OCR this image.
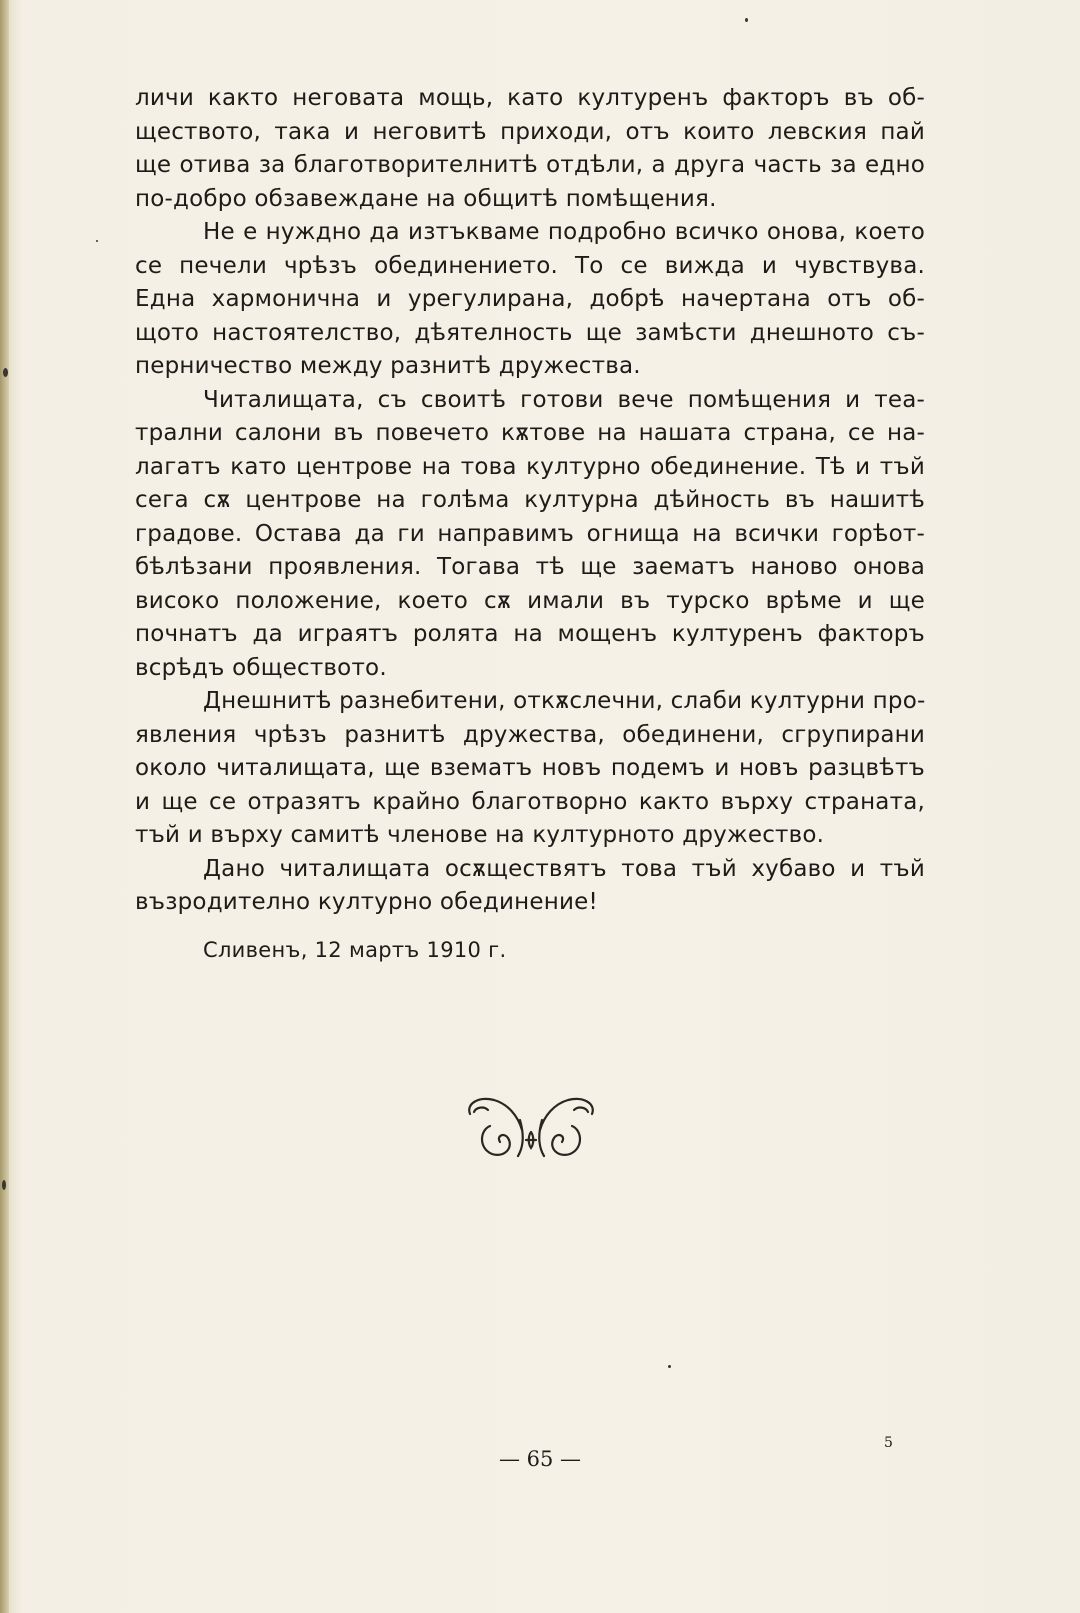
личи както неговата мощь, като културенъ факторъ въ об-
ществото, така и неговитѣ приходи, отъ които левския пай
ще отива за благотворителнитѣ отдѣли, а друга часть за едно
по-добро обзавеждане на общитѣ помѣщения.
Не е нуждно да изтъкваме подробно всичко онова, което
се печели чрѣзъ обединението. То се вижда и чувствува.
Една хармонична и урегулирана, добрѣ начертана отъ об-
щото настоятелство, дѣятелность ще замѣсти днешното съ-
перничество между разнитѣ дружества.
Читалищата, съ своитѣ готови вече помѣщения и теа-
трални салони въ повечето кѫтове на нашата страна, се на-
лагатъ като центрове на това културно обединение. Тѣ и тъй
сега сѫ центрове на голѣма културна дѣйность въ нашитѣ
градове. Остава да ги направимъ огнища на всички горѣот-
бѣлѣзани проявления. Тогава тѣ ще заематъ наново онова
високо положение, което сѫ имали въ турско врѣме и ще
почнатъ да играятъ ролята на мощенъ културенъ факторъ
всрѣдъ обществото.
Днешнитѣ разнебитени, откѫслечни, слаби културни про-
явления чрѣзъ разнитѣ дружества, обединени, сгрупирани
около читалищата, ще взематъ новъ подемъ и новъ разцвѣтъ
и ще се отразятъ крайно благотворно както върху страната,
тъй и върху самитѣ членове на културното дружество.
Дано читалищата осѫществятъ това тъй хубаво и тъй
възродително културно обединение!
Сливенъ, 12 мартъ 1910 г.
— 65 —
5
